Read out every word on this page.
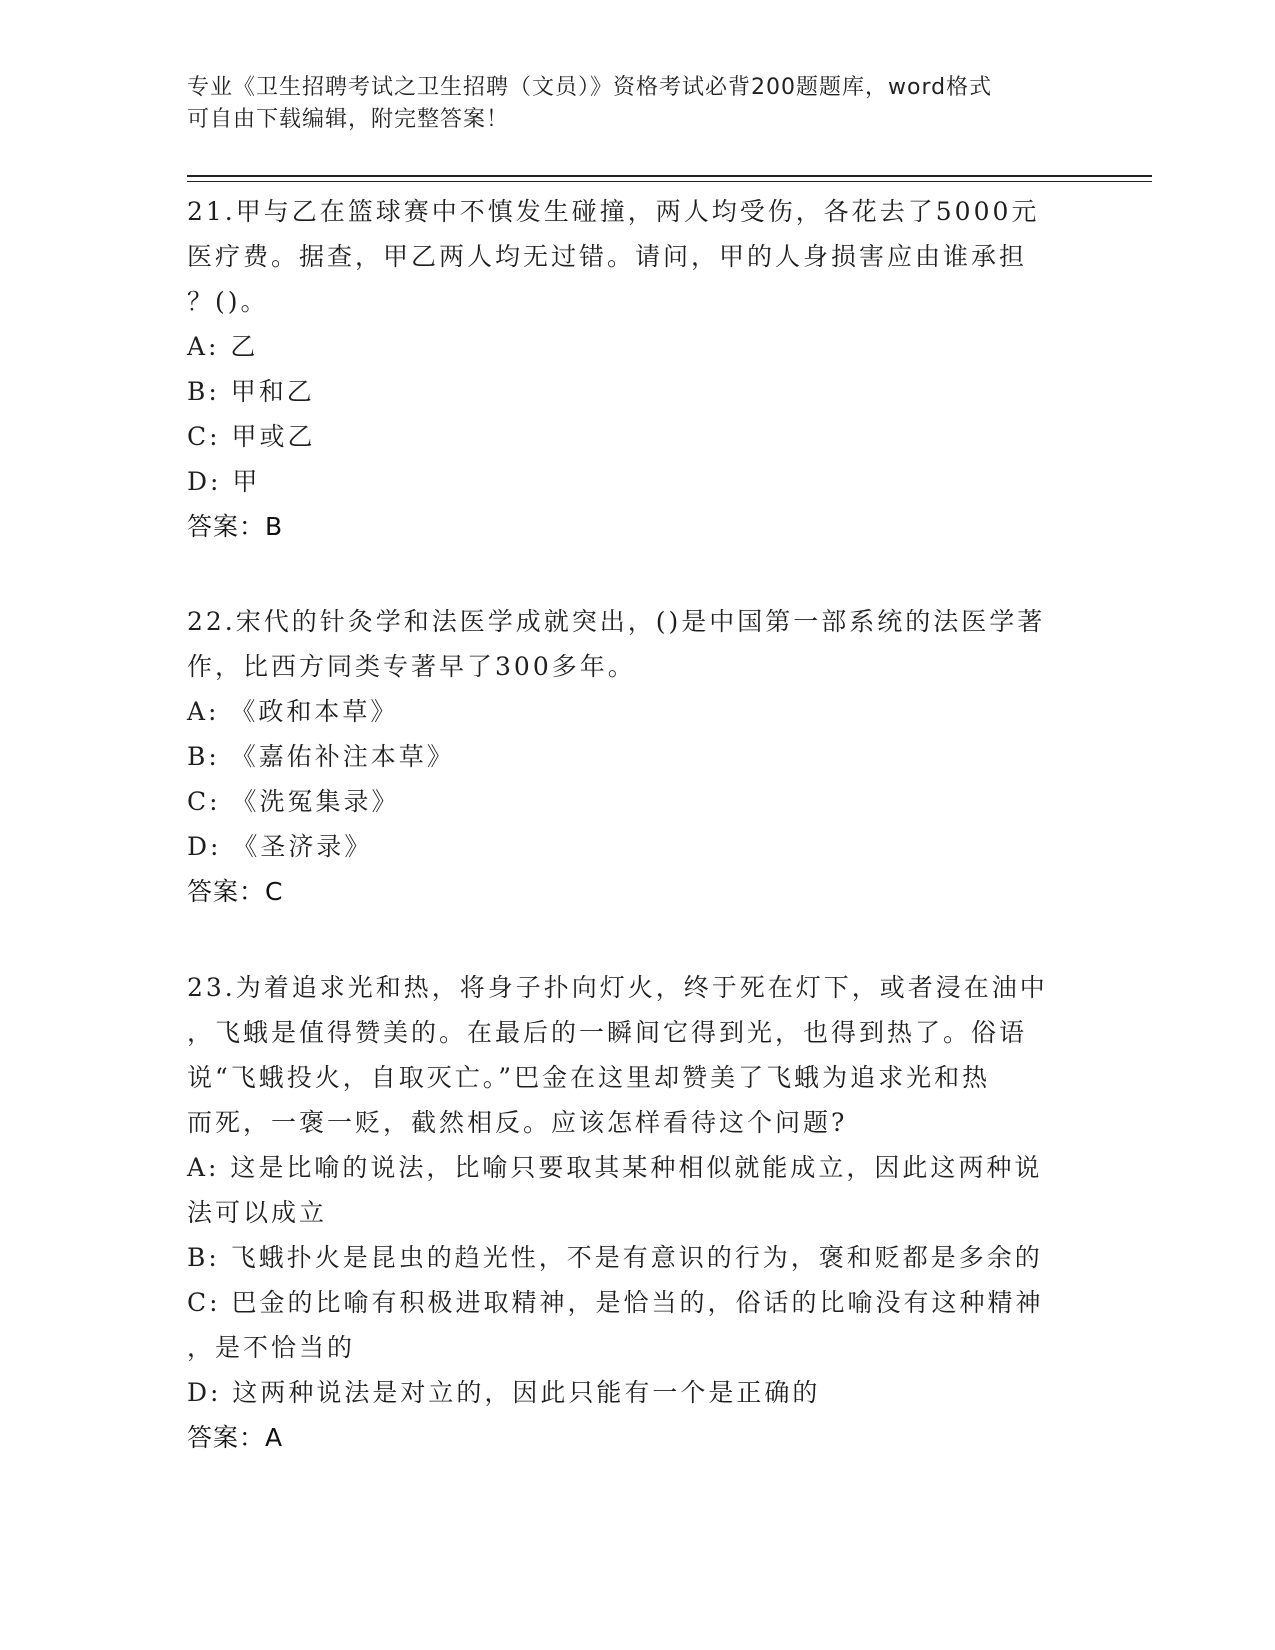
专业《卫生招聘考试之卫生招聘（文员）》资格考试必背200题题库，word格式
可自由下载编辑，附完整答案！

21.甲与乙在篮球赛中不慎发生碰撞，两人均受伤，各花去了5000元

医疗费。据查，甲乙两人均无过错。请问，甲的人身损害应由谁承担

？()。

A: 乙

B: 甲和乙

C: 甲或乙

D: 甲

答案：B

22.宋代的针灸学和法医学成就突出，()是中国第一部系统的法医学著

作，比西方同类专著早了300多年。

A: 《政和本草》

B: 《嘉佑补注本草》

C: 《洗冤集录》

D: 《圣济录》

答案：C

23.为着追求光和热，将身子扑向灯火，终于死在灯下，或者浸在油中

，飞蛾是值得赞美的。在最后的一瞬间它得到光，也得到热了。俗语

说“飞蛾投火，自取灭亡。”巴金在这里却赞美了飞蛾为追求光和热

而死，一褒一贬，截然相反。应该怎样看待这个问题?

A: 这是比喻的说法，比喻只要取其某种相似就能成立，因此这两种说

法可以成立

B: 飞蛾扑火是昆虫的趋光性，不是有意识的行为，褒和贬都是多余的

C: 巴金的比喻有积极进取精神，是恰当的，俗话的比喻没有这种精神

，是不恰当的

D: 这两种说法是对立的，因此只能有一个是正确的

答案：A
